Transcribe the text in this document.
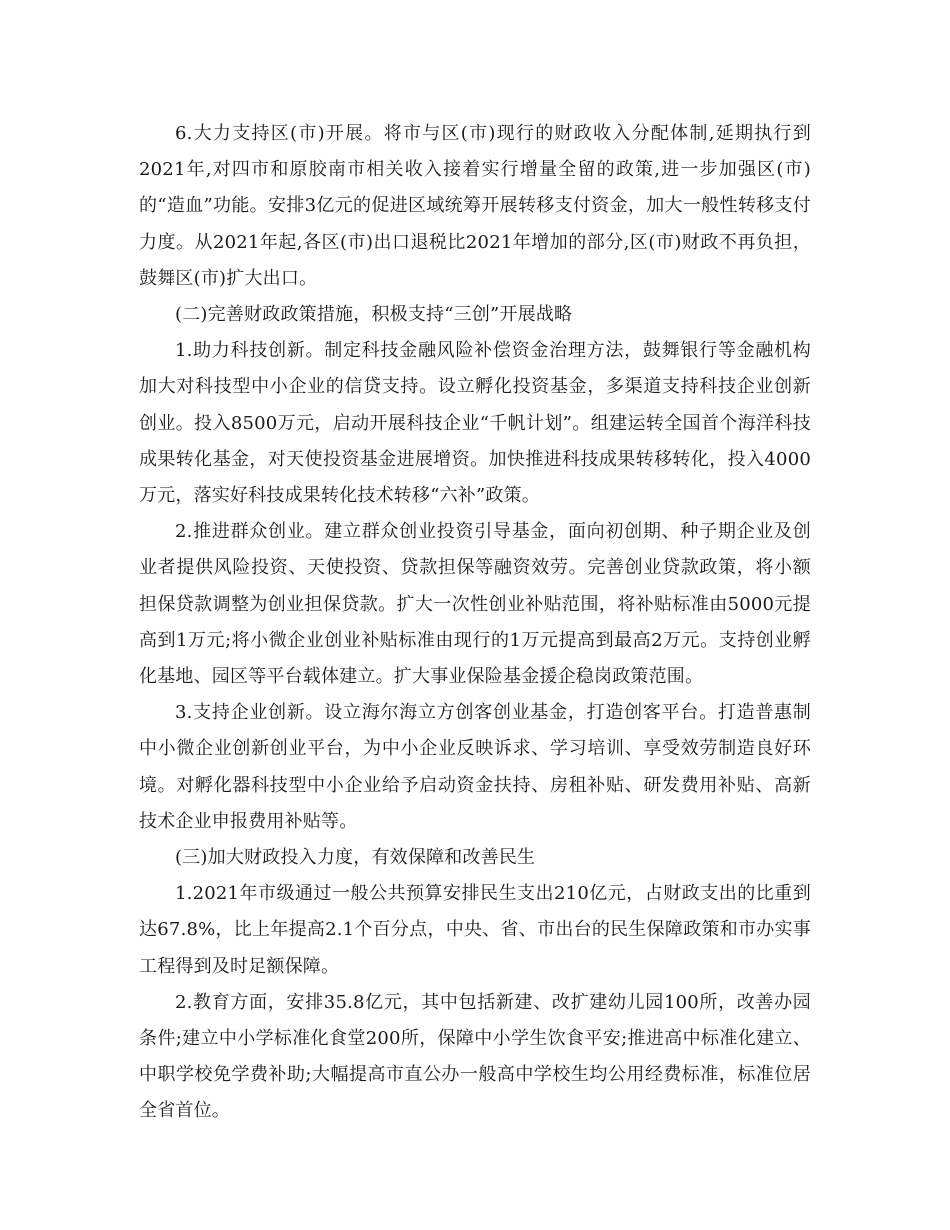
6.大力支持区(市)开展。将市与区(市)现行的财政收入分配体制,延期执行到2021年,对四市和原胶南市相关收入接着实行增量全留的政策,进一步加强区(市)的“造血”功能。安排3亿元的促进区域统筹开展转移支付资金，加大一般性转移支付力度。从2021年起,各区(市)出口退税比2021年增加的部分,区(市)财政不再负担，鼓舞区(市)扩大出口。

(二)完善财政政策措施，积极支持“三创”开展战略

1.助力科技创新。制定科技金融风险补偿资金治理方法，鼓舞银行等金融机构加大对科技型中小企业的信贷支持。设立孵化投资基金，多渠道支持科技企业创新创业。投入8500万元，启动开展科技企业“千帆计划”。组建运转全国首个海洋科技成果转化基金，对天使投资基金进展增资。加快推进科技成果转移转化，投入4000万元，落实好科技成果转化技术转移“六补”政策。

2.推进群众创业。建立群众创业投资引导基金，面向初创期、种子期企业及创业者提供风险投资、天使投资、贷款担保等融资效劳。完善创业贷款政策，将小额担保贷款调整为创业担保贷款。扩大一次性创业补贴范围，将补贴标准由5000元提高到1万元;将小微企业创业补贴标准由现行的1万元提高到最高2万元。支持创业孵化基地、园区等平台载体建立。扩大事业保险基金援企稳岗政策范围。

3.支持企业创新。设立海尔海立方创客创业基金，打造创客平台。打造普惠制中小微企业创新创业平台，为中小企业反映诉求、学习培训、享受效劳制造良好环境。对孵化器科技型中小企业给予启动资金扶持、房租补贴、研发费用补贴、高新技术企业申报费用补贴等。

(三)加大财政投入力度，有效保障和改善民生

1.2021年市级通过一般公共预算安排民生支出210亿元，占财政支出的比重到达67.8%，比上年提高2.1个百分点，中央、省、市出台的民生保障政策和市办实事工程得到及时足额保障。

2.教育方面，安排35.8亿元，其中包括新建、改扩建幼儿园100所，改善办园条件;建立中小学标准化食堂200所，保障中小学生饮食平安;推进高中标准化建立、中职学校免学费补助;大幅提高市直公办一般高中学校生均公用经费标准，标准位居全省首位。
